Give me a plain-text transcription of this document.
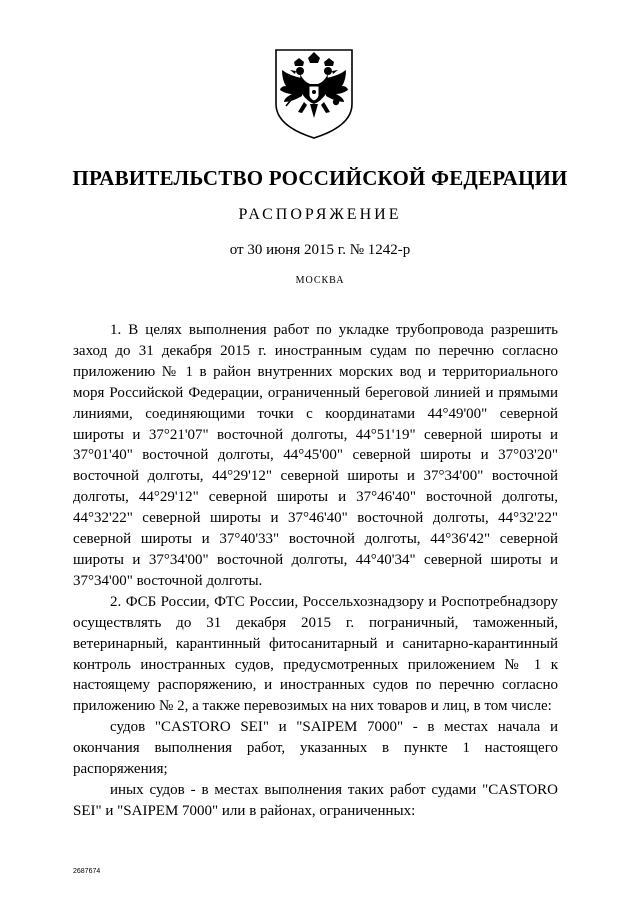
ПРАВИТЕЛЬСТВО РОССИЙСКОЙ ФЕДЕРАЦИИ
РАСПОРЯЖЕНИЕ
от 30 июня 2015 г. № 1242-р
МОСКВА

1. В целях выполнения работ по укладке трубопровода разрешить заход до 31 декабря 2015 г. иностранным судам по перечню согласно приложению № 1 в район внутренних морских вод и территориального моря Российской Федерации, ограниченный береговой линией и прямыми линиями, соединяющими точки с координатами 44°49'00" северной широты и 37°21'07" восточной долготы, 44°51'19" северной широты и 37°01'40" восточной долготы, 44°45'00" северной широты и 37°03'20" восточной долготы, 44°29'12" северной широты и 37°34'00" восточной долготы, 44°29'12" северной широты и 37°46'40" восточной долготы, 44°32'22" северной широты и 37°46'40" восточной долготы, 44°32'22" северной широты и 37°40'33" восточной долготы, 44°36'42" северной широты и 37°34'00" восточной долготы, 44°40'34" северной широты и 37°34'00" восточной долготы.

2. ФСБ России, ФТС России, Россельхознадзору и Роспотребнадзору осуществлять до 31 декабря 2015 г. пограничный, таможенный, ветеринарный, карантинный фитосанитарный и санитарно-карантинный контроль иностранных судов, предусмотренных приложением № 1 к настоящему распоряжению, и иностранных судов по перечню согласно приложению № 2, а также перевозимых на них товаров и лиц, в том числе:

судов "CASTORO SEI" и "SAIPEM 7000" - в местах начала и окончания выполнения работ, указанных в пункте 1 настоящего распоряжения;

иных судов - в местах выполнения таких работ судами "CASTORO SEI" и "SAIPEM 7000" или в районах, ограниченных:

2687674
